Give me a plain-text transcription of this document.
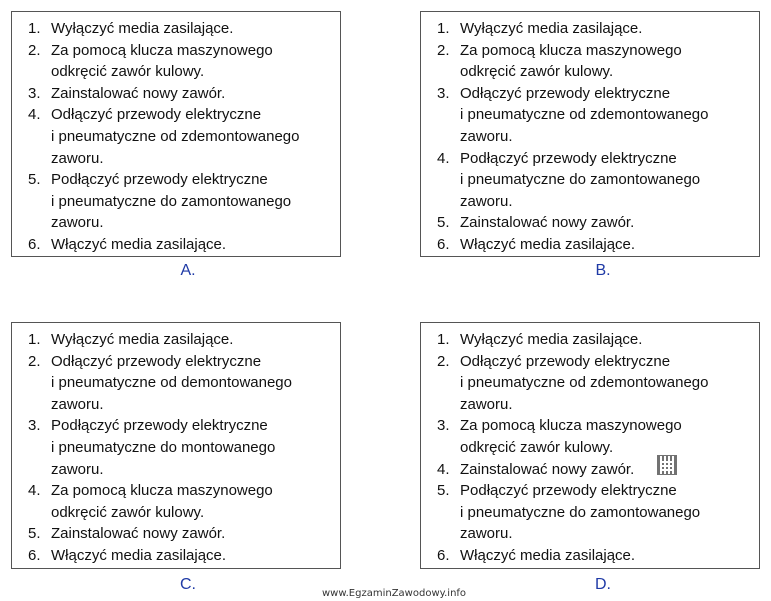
1. Wyłączyć media zasilające.
2. Za pomocą klucza maszynowego
odkręcić zawór kulowy.
3. Zainstalować nowy zawór.
4. Odłączyć przewody elektryczne
i pneumatyczne od zdemontowanego
zaworu.
5. Podłączyć przewody elektryczne
i pneumatyczne do zamontowanego
zaworu.
6. Włączyć media zasilające.
A.
1. Wyłączyć media zasilające.
2. Za pomocą klucza maszynowego
odkręcić zawór kulowy.
3. Odłączyć przewody elektryczne
i pneumatyczne od zdemontowanego
zaworu.
4. Podłączyć przewody elektryczne
i pneumatyczne do zamontowanego
zaworu.
5. Zainstalować nowy zawór.
6. Włączyć media zasilające.
B.
1. Wyłączyć media zasilające.
2. Odłączyć przewody elektryczne
i pneumatyczne od demontowanego
zaworu.
3. Podłączyć przewody elektryczne
i pneumatyczne do montowanego
zaworu.
4. Za pomocą klucza maszynowego
odkręcić zawór kulowy.
5. Zainstalować nowy zawór.
6. Włączyć media zasilające.
C.
1. Wyłączyć media zasilające.
2. Odłączyć przewody elektryczne
i pneumatyczne od zdemontowanego
zaworu.
3. Za pomocą klucza maszynowego
odkręcić zawór kulowy.
4. Zainstalować nowy zawór.
5. Podłączyć przewody elektryczne
i pneumatyczne do zamontowanego
zaworu.
6. Włączyć media zasilające.
D.
www.EgzaminZawodowy.info
